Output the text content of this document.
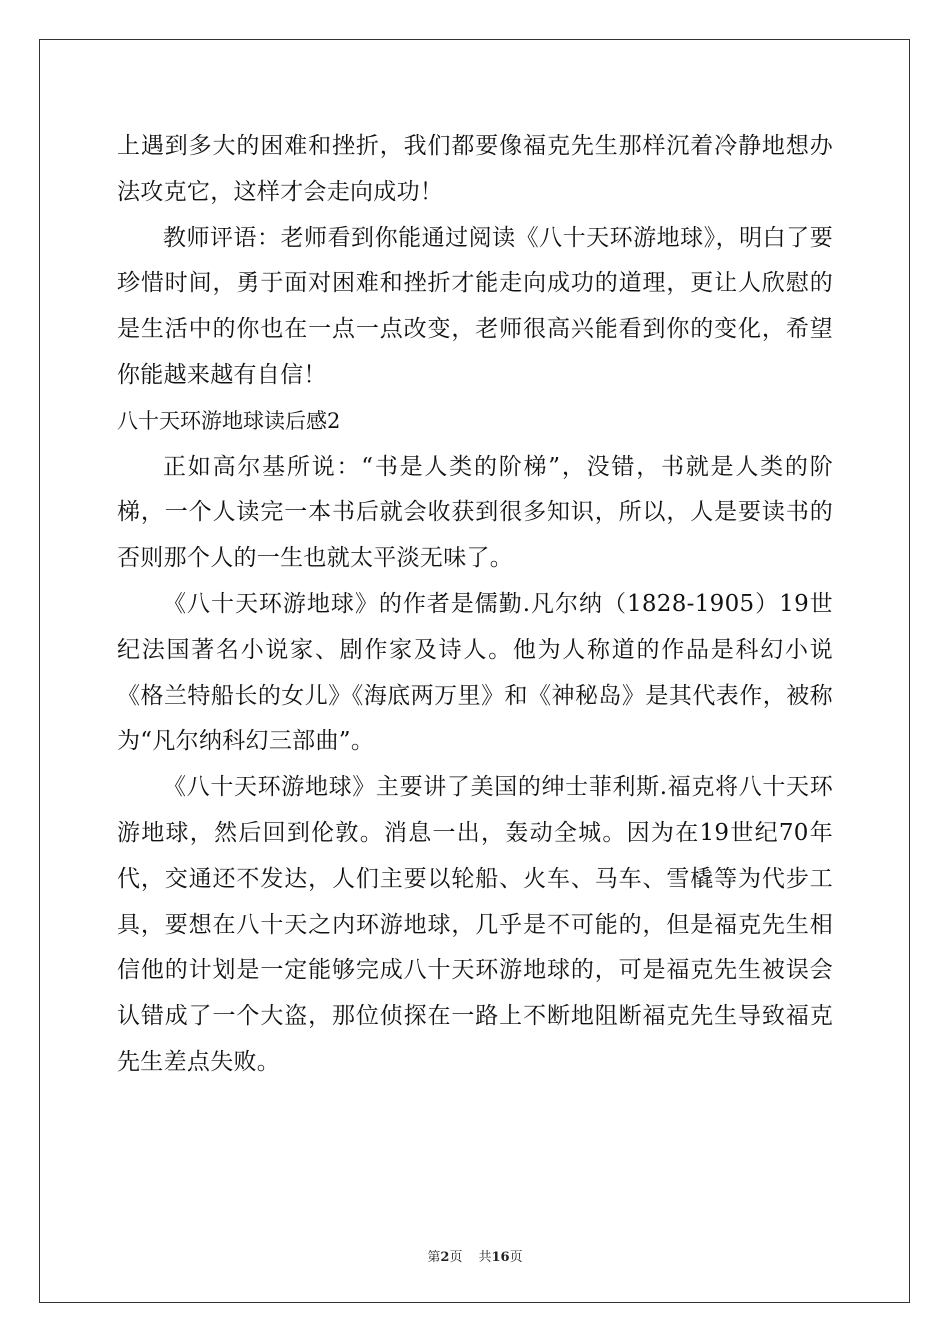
上遇到多大的困难和挫折，我们都要像福克先生那样沉着冷静地想办法攻克它，这样才会走向成功！

教师评语：老师看到你能通过阅读《八十天环游地球》，明白了要珍惜时间，勇于面对困难和挫折才能走向成功的道理，更让人欣慰的是生活中的你也在一点一点改变，老师很高兴能看到你的变化，希望你能越来越有自信！

八十天环游地球读后感2

正如高尔基所说：“书是人类的阶梯”，没错，书就是人类的阶梯，一个人读完一本书后就会收获到很多知识，所以，人是要读书的否则那个人的一生也就太平淡无味了。

《八十天环游地球》的作者是儒勤.凡尔纳（1828-1905）19世纪法国著名小说家、剧作家及诗人。他为人称道的作品是科幻小说《格兰特船长的女儿》《海底两万里》和《神秘岛》是其代表作，被称为“凡尔纳科幻三部曲”。

《八十天环游地球》主要讲了美国的绅士菲利斯.福克将八十天环游地球，然后回到伦敦。消息一出，轰动全城。因为在19世纪70年代，交通还不发达，人们主要以轮船、火车、马车、雪橇等为代步工具，要想在八十天之内环游地球，几乎是不可能的，但是福克先生相信他的计划是一定能够完成八十天环游地球的，可是福克先生被误会认错成了一个大盗，那位侦探在一路上不断地阻断福克先生导致福克先生差点失败。

第2页 共16页
